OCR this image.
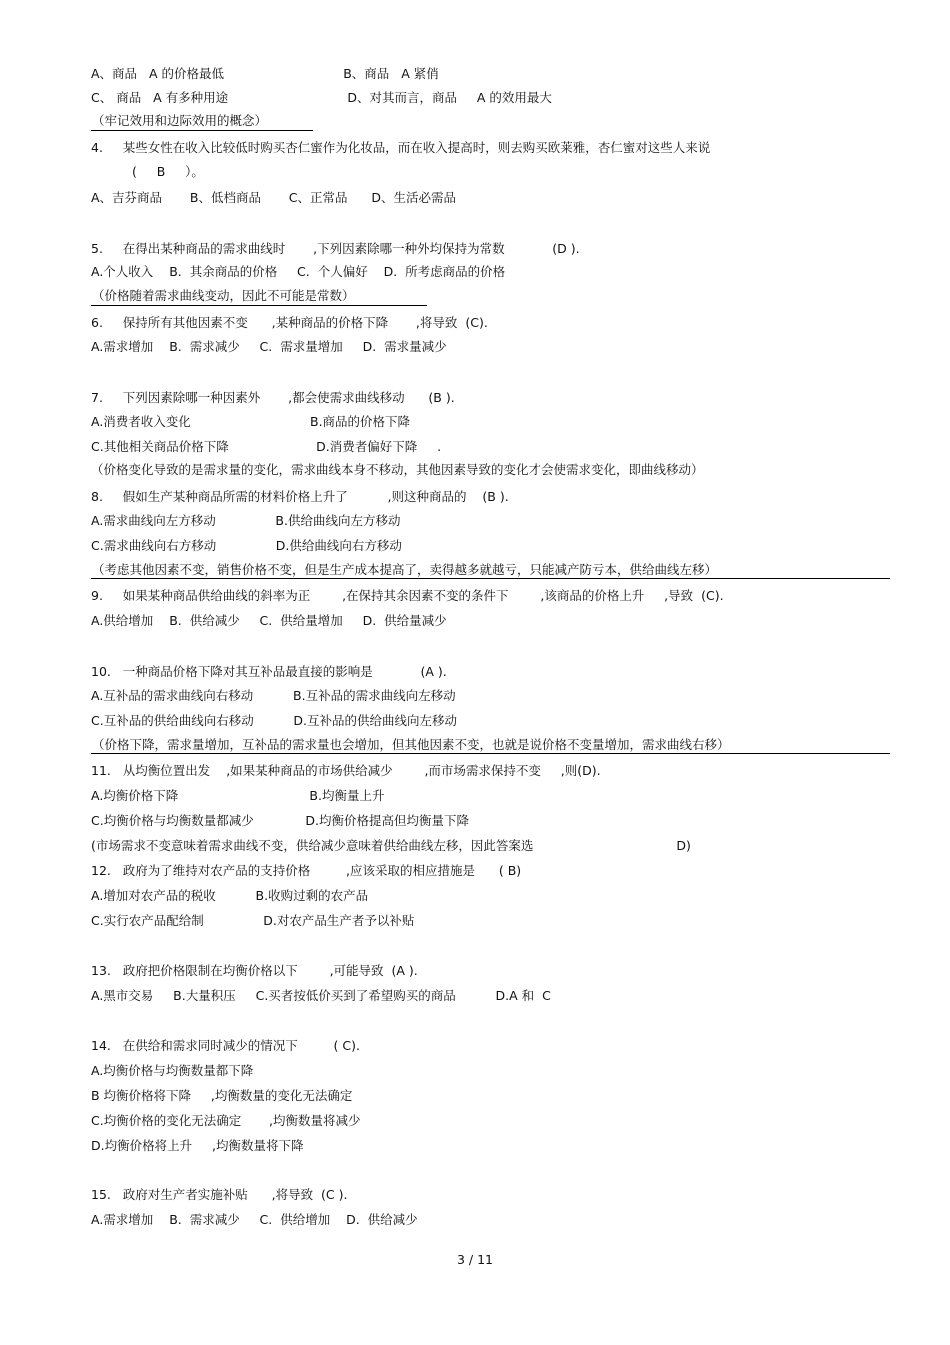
A、商品   A 的价格最低                              B、商品   A 紧俏
C、 商品   A 有多种用途                              D、对其而言，商品     A 的效用最大
（牢记效用和边际效用的概念）
4.     某些女性在收入比较低时购买杏仁蜜作为化妆品，而在收入提高时，则去购买欧莱雅，杏仁蜜对这些人来说
(     B     ）。
A、吉芬商品       B、低档商品       C、正常品      D、生活必需品
5.     在得出某种商品的需求曲线时       ,下列因素除哪一种外均保持为常数            (D ).
A.个人收入    B.  其余商品的价格     C.  个人偏好    D.  所考虑商品的价格
（价格随着需求曲线变动，因此不可能是常数）
6.     保持所有其他因素不变      ,某种商品的价格下降       ,将导致  (C).
A.需求增加    B.  需求减少     C.  需求量增加     D.  需求量减少
7.     下列因素除哪一种因素外       ,都会使需求曲线移动      (B ).
A.消费者收入变化                              B.商品的价格下降
C.其他相关商品价格下降                      D.消费者偏好下降     .
（价格变化导致的是需求量的变化，需求曲线本身不移动，其他因素导致的变化才会使需求变化，即曲线移动）
8.     假如生产某种商品所需的材料价格上升了          ,则这种商品的    (B ).
A.需求曲线向左方移动               B.供给曲线向左方移动
C.需求曲线向右方移动               D.供给曲线向右方移动
（考虑其他因素不变，销售价格不变，但是生产成本提高了，卖得越多就越亏，只能减产防亏本，供给曲线左移）
9.     如果某种商品供给曲线的斜率为正        ,在保持其余因素不变的条件下        ,该商品的价格上升     ,导致  (C).
A.供给增加    B.  供给减少     C.  供给量增加     D.  供给量减少
10.   一种商品价格下降对其互补品最直接的影响是            (A ).
A.互补品的需求曲线向右移动          B.互补品的需求曲线向左移动
C.互补品的供给曲线向右移动          D.互补品的供给曲线向左移动
（价格下降，需求量增加，互补品的需求量也会增加，但其他因素不变，也就是说价格不变量增加，需求曲线右移）
11.   从均衡位置出发    ,如果某种商品的市场供给减少        ,而市场需求保持不变     ,则(D).
A.均衡价格下降                                 B.均衡量上升
C.均衡价格与均衡数量都减少             D.均衡价格提高但均衡量下降
(市场需求不变意味着需求曲线不变，供给减少意味着供给曲线左移，因此答案选                                    D)
12.   政府为了维持对农产品的支持价格         ,应该采取的相应措施是      ( B)
A.增加对农产品的税收          B.收购过剩的农产品
C.实行农产品配给制               D.对农产品生产者予以补贴
13.   政府把价格限制在均衡价格以下        ,可能导致  (A ).
A.黑市交易     B.大量积压     C.买者按低价买到了希望购买的商品          D.A 和  C
14.   在供给和需求同时减少的情况下         ( C).
A.均衡价格与均衡数量都下降
B 均衡价格将下降     ,均衡数量的变化无法确定
C.均衡价格的变化无法确定       ,均衡数量将减少
D.均衡价格将上升     ,均衡数量将下降
15.   政府对生产者实施补贴      ,将导致  (C ).
A.需求增加    B.  需求减少     C.  供给增加    D.  供给减少
3 / 11
